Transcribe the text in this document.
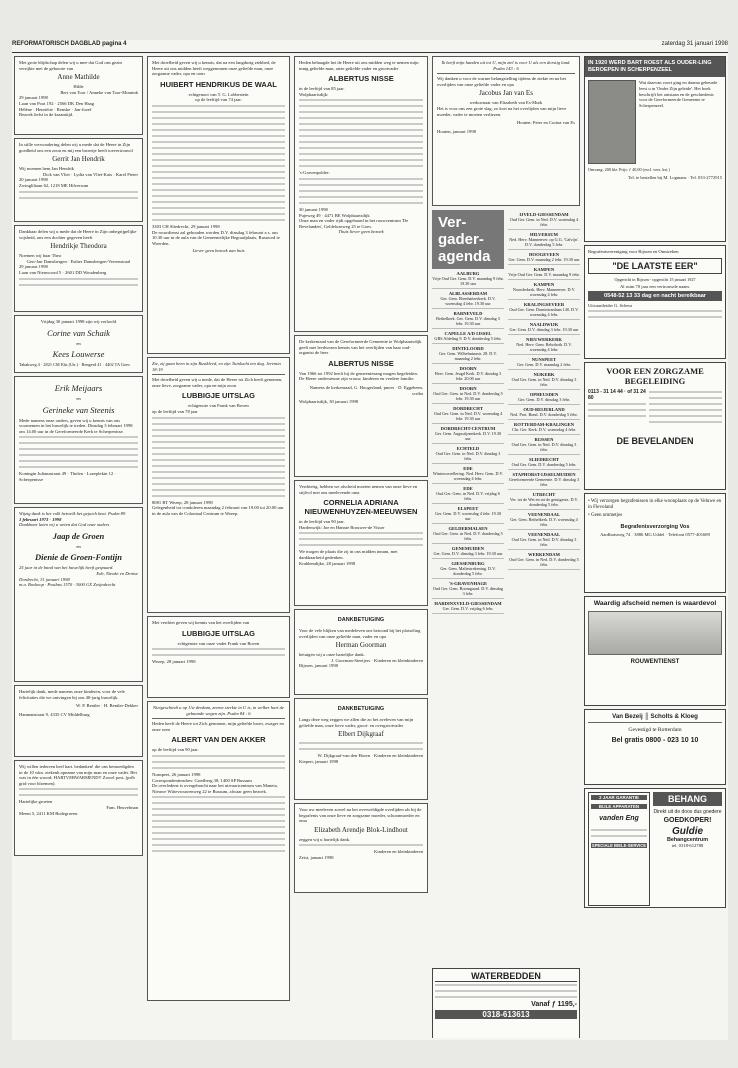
REFORMATORISCH DAGBLAD pagina 4	zaterdag 31 januari 1998
Met grote blijdschap delen wij u mee dat God ons gezin verrijkte met de geboorte van
Anne Mathilde
Hilde
Bert van Toor / Anneke van Toor-Momink
29 januari 1998
Laan van Poot 192 · 2566 DK Den Haag
Hélène · Henriëtte · Renske · Jan-Jozef
Bezoek liefst in de kraamtijd.
In stille verwondering delen wij u mede dat de Heere in Zijn goedheid ons een zoon en mij een broertje heeft toevertrouwd
Gerrit Jan Hendrik
Wij noemen hem Jan Hendrik
Dick van Vliet · Lydia van Vliet-Kats · Karel Pieter
20 januari 1998
Zwingliliaan 62, 1218 ME Hilversum
Dankbaar delen wij u mede dat de Heere in Zijn onbegrijpelijke wijsheid, ons een dochter gegeven heeft
Hendrikje Theodora
Noemen wij haar Thea
Gert-Jan Damsbergen · Esther Damsbergen-Verrenstraal
29 januari 1998
Laan van Nieuwoord 5 · 2601 DD Woudenberg
Vrijdag 30 januari 1998 zijn wij verloofd
Corine van Schaik
en
Kees Louwerse
Tabakweg 4 · 2821 CM Elst (Utr.) · Rengerd 41 · 4402 TA Goes
Erik Meijaars
en
Gerineke van Steenis
Mede namens onze ouders, geven wij u kennis van ons voornemen in het huwelijk te treden. Dinsdag 3 februari 1998 om 14.00 uur in de Gereformeerde Kerk te Scherpenisse.
Koningin Julianastraat 49 · Tholen · Lozeplekin 12 · Scherpenisse
Wijzig dank is het volk hetwelk het gejuich kent. Psalm 89
1 februari 1973 - 1998
Dankbaar laten wij u weten dat God onze ouders
Jaap de Groen
en
Dienie de Groen-Fontijn
25 jaar in de band van het huwelijk heeft gespaard.
Ede, Nienke en Denise
Dordrecht, 31 januari 1998
m.a. Boskoop · Postbus 1570 · 3000 GX Zwijndrecht
Hartelijk dank, mede namens onze kinderen, voor de vele felicitaties die we ontvingen bij ons 40-jarig huwelijk.
W. P. Bentler · H. Bentler-Dekker
Hanmanstraat 9, 4335 CV Middelburg
Wij willen iedereen heel hart. bedanken! die ons bemoedigden in de 10 wkn. ziekenh.opname van mijn man en onze vader. Het was in één woord: HARTVERWARMEND!! Zowel post, (prfb grid voor bloemen).
Hartelijke groeten
Fam. Heuvelman
Meent 5, 2411 KM Bodegraven
Met droefheid geven wij u kennis, dat na een langdurig ziekbed, de Heere uit ons midden heeft weggenomen onze geliefde man, onze zorgzame vader, opa en oom
HUIBERT HENDRIKUS DE WAAL
echtgenoot van T. G. Lobbestein
op de leeftijd van 74 jaar.
3303 CH Sliedrecht, 29 januari 1998
De rouwdienst zal gehouden worden D.V. dinsdag 3 februari a.s. om 10.30 uur in de aula van de Gemeentelijke Begraafplaats, Rustoord te Woerden.
Liever geen bezoek aan huis
Zie, zij gaan heen in zijn Rustkleed, en zijn Tuinlucht ten dag. Jeremia 18:19
Met droefheid geven wij u mede, dat de Heere tot Zich heeft genomen, onze lieve, zorgzame vader, opa en mijn zoon
LUBBIGJE UITSLAG
echtgenote van Frank van Boven
op de leeftijd van 78 jaar
8081 BT Wezep, 28 januari 1998
Gelegenheid tot condoleren maandag 2 februari van 19.00 tot 20.00 uur in de aula van de Coloniaal Centrum te Wezep.
Met verdriet geven wij kennis van het overlijden van
LUBBIGJE UITSLAG
echtgenote van onze vader Frank van Boven
Wezep, 28 januari 1998
Nietgeschiedt u op Uw denkam, zeeme sterkte in U is, in welker hart de gebaande wegen zijn. Psalm 84 : 6
Heden heeft de Heere tot Zich genomen, mijn geliefde broer, zwager en onze oom
ALBERT VAN DEN AKKER
op de leeftijd van 90 jaar.
Nunspeet, 26 januari 1998
Correspondentieadres: Goedberg 38, 1400 SP Bussum
De overledene is overgebracht naar het uitvaartcentrum van Maneta, Nieuwe Wittevrouwenweg 22 te Bussum, alwaar geen bezoek.
Heden behaagde het de Heere uit ons midden weg te nemen mijn innig geliefde man, onze geliefde vader en grootvader
ALBERTUS NISSE
in de leeftijd van 85 jaar.
Wolphaartsdijk:
's-Gravenpolder:
30 januari 1998
Pujeweg 49 · 4471 BE Wolphaartsdijk
Onze man en vader rijdt opgebaard in het rouwcentrum 'De Bevelanden', Geldelozeweg 25 te Goes.
Thuis liever geen bezoek
De kerkenraad van de Gereformeerde Gemeente te Wolphaartsdijk geeft met leedwezen kennis van het overlijden van haar oud-organist de heer
ALBERTUS NISSE
Van 1966 tot 1992 heeft hij de gemeentezang mogen begeleiden. De Heere ondersteune zijn vrouw, kinderen en verdere familie.
Namens de kerkenraad, G. Hoogerland, pnoes · D. Eggebeen, scriba
Wolphaartsdijk, 30 januari 1998
Verdrietig, hebben we afscheid moeten nemen van onze lieve en stijlvol met ons meelevende oma
CORNELIA ADRIANA NIEUWENHUYZEN-MEEUWSEN
in de leeftijd van 90 jaar.
Hardenwijk: Joe en Hannie Brouwer-de Visser
We mogen de plaats die zij in ons midden innam, met dankbaarheid gedenken.
Krabbendijke, 28 januari 1998
DANKBETUIGING
Voor de vele blijken van medeleven ons betoond bij het plotseling overlijden van onze geliefde man, vader en opa
Herman Goorman
betuigen wij u onze hartelijke dank.
J. Goorman-Steeijers · Kinderen en kleinkinderen
Bijssen, januari 1998
DANKBETUIGING
Langs deze weg zeggen we allen die zo het aveleven van mijn geliefde man, onze lieve vader, groot- en overgrootvader
Elbert Dijkgraaf
W. Dijkgraaf-van den Hoorn · Kinderen en kleinkinderen
Kiepert, januari 1998
Voor uw meeleven zowel na het overweldigde overlijden als bij de begrafenis van onze lieve en zorgzame moeder, schoonmoeder en oma
Elizabeth Arendje Blok-Lindhout
zeggen wij u hartelijk dank.
Kinderen en kleinkinderen
Zeist, januari 1998
Ik heeft mijn handen uit tot U, mijn ziel is voor U als een dorstig land. Psalm 143 : 6
Wij danken u voor de warme belangstelling tijdens de ziekte en na het overlijden van onze geliefde vader en opa
Jacobus Jan van Es
weduwnaar van Elizabeth van Es-Murk
Het is voor ons een grote slag, zo kort na het overlijden van mijn lieve moeder, vader te moeten verliezen.
Houten: Peter en Corina van Es
Houten, januari 1998
Ver-gader-agenda
AALBURG
Vrije Oud Ger. Gem. D.V. maandag 9 febr. 19.30 uur
ALBLASSERDAM
Ger. Gem. Ebenhaëzerkerk. D.V. woensdag 4 febr. 19.30 uur
BARNEVELD
Bethelkerk. Ger. Gem. D.V. dinsdag 3 febr. 19.30 uur
CAPELLE A/D IJSSEL
GBS Afdeling 9. D.V. donderdag 5 febr.
DINTELOORD
Ger. Gem. Wilhelminastr. 28. D.V. maandag 2 febr.
DOORN
Herv. Gem. Jeugd Kerk. D.V. dinsdag 3 febr. 20.00 uur
DOORN
Oud Ger. Gem. in Ned. D.V. donderdag 5 febr. 19.30 uur
DORDRECHT
Oud Ger. Gem. in Ned. D.V. woensdag 4 febr. 19.30 uur
DORDRECHT-CENTRUM
Ger. Gem. Augustijnenkerk. D.V. 19.30 uur
ECHTELD
Oud Ger. Gem. in Ned. D.V. dinsdag 3 febr.
EDE
Wintercorrellering. Ned. Herv. Gem. D.V. woensdag 4 febr.
EDE
Oud Ger. Gem. in Ned. D.V. vrijdag 6 febr.
ELSPEET
Ger. Gem. D.V. woensdag 4 febr. 19.30 uur
GELDERMALSEN
Oud Ger. Gem. in Ned. D.V. donderdag 5 febr.
GENEMUIDEN
Ger. Gem. D.V. dinsdag 3 febr. 19.30 uur
GIESSENBURG
Ger. Gem. Maliestrekening. D.V. donderdag 5 febr.
'S-GRAVENHAGE
Oud Ger. Gem. Boomgaard. D.V. dinsdag 3 febr.
HARDINXVELD-GIESSENDAM
Ger. Gem. D.V. vrijdag 6 febr.
IJVELD-GIESSENDAM
Oud Ger. Gem. in Ned. D.V. woensdag 4 febr.
HILVERSUM
Ned. Herv. Mannenver. op G.G. 'Calvijn'. D.V. donderdag 5 febr.
HOOGEVEEN
Ger. Gem. D.V. maandag 2 febr. 19.30 uur
KAMPEN
Vrije Oud Ger. Gem. D.V. maandag 9 febr.
KAMPEN
Noorderkerk. Herv. Mannenver. D.V. woensdag 4 febr.
KRALINGSEVEER
Oud Ger. Gem. Dominicanlaan 140. D.V. woensdag 4 febr.
NAALDWIJK
Ger. Gem. D.V. dinsdag 3 febr. 19.30 uur
NIEUWERKERK
Ned. Herv. Gem. Rehoboth. D.V. woensdag 4 febr.
NUNSPEET
Ger. Gem. D.V. maandag 2 febr.
NIJKERK
Oud Ger. Gem. in Ned. D.V. dinsdag 3 febr.
OPHEUSDEN
Ger. Gem. D.V. dinsdag 3 febr.
OUD-BEIJERLAND
Ned. Prot. Bond. D.V. donderdag 5 febr.
ROTTERDAM-KRALINGEN
Chr. Ger. Kerk. D.V. woensdag 4 febr.
RIJSSEN
Oud Ger. Gem. in Ned. D.V. dinsdag 3 febr.
SLIEDRECHT
Oud Ger. Gem. D.V. donderdag 5 febr.
STAPHORST-IJSSELMUIDEN
Gereformeerde Gemeente. D.V. dinsdag 3 febr.
UTRECHT
Ver. tot de Wet en tot de getuigenis. D.V. donderdag 5 febr.
VEENENDAAL
Ger. Gem. Bethelkerk. D.V. woensdag 4 febr.
VEENENDAAL
Oud Ger. Gem. in Ned. D.V. dinsdag 3 febr.
WERKENDAM
Oud Ger. Gem. in Ned. D.V. donderdag 5 febr.
WATERBEDDEN
Vanaf ƒ 1195,-
0318-613613
IN 1920 WERD BART ROEST ALS OUDER-LING BEROEPEN IN SCHERPENZEEL
Wat daarvan voort ging en daarna gebeurde leest u in 'Onder Zijn geleide'. Het boek beschrijft het ontstaan en de geschiedenis voor de Gereformeerde Gemeente te Scherpenzeel.
Omvang: 200 blz. Prijs: ƒ 40,00 (excl. verz. kst.)
Tel. te bestellen bij M. Logmans · Tel. 033-2772915
Begrafenisvereniging voor Rijssen en Omstreken
"DE LAATSTE EER"
Opgericht in Rijssen - opgericht 15 januari 1927
Al ruim 70 jaar een vertrouwde naam.
0548-52 13 33 dag en nacht bereikbaar
Uitvaartleider G. Scheur
VOOR EEN ZORGZAME BEGELEIDING
0113 - 31 14 44 · of 31 24 80
DE BEVELANDEN
• Wij verzorgen begrafenissen in elke woonplaats op de Veluwe en in Flevoland
• Geen ommetjes
Begrafenisverzorging Vos
Aardbuisweg 74 · 3886 MG Uddel · Telefoon 0577-401689
Waardig afscheid nemen is waardevol
ROUWENTIENST
Van Bezeij ║ Scholts & Kloeg
Gevestigd te Rotterdam
Bel gratis 0800 - 023 10 10
2 JAAR GARANTIE
BIJLE APPARATEN
vanden Eng
SPECIALE BIELE-SERVICE
BEHANG
Direkt uit de doos dus goedere
GOEDKOPER!
Guldie
Behangcentrum
tel. 0318-612788
